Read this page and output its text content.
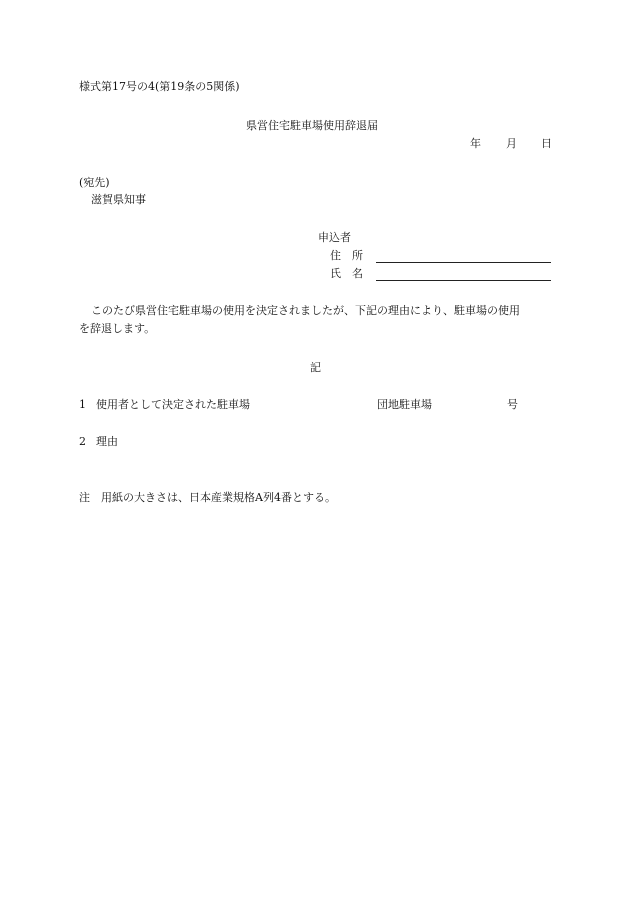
様式第17号の4(第19条の5関係)
県営住宅駐車場使用辞退届
年 月 日
(宛先)
滋賀県知事
申込者
住　所
氏　名
このたび県営住宅駐車場の使用を決定されましたが、下記の理由により、駐車場の使用
を辞退します。
記
1 使用者として決定された駐車場	団地駐車場	号
2 理由
注　用紙の大きさは、日本産業規格A列4番とする。
